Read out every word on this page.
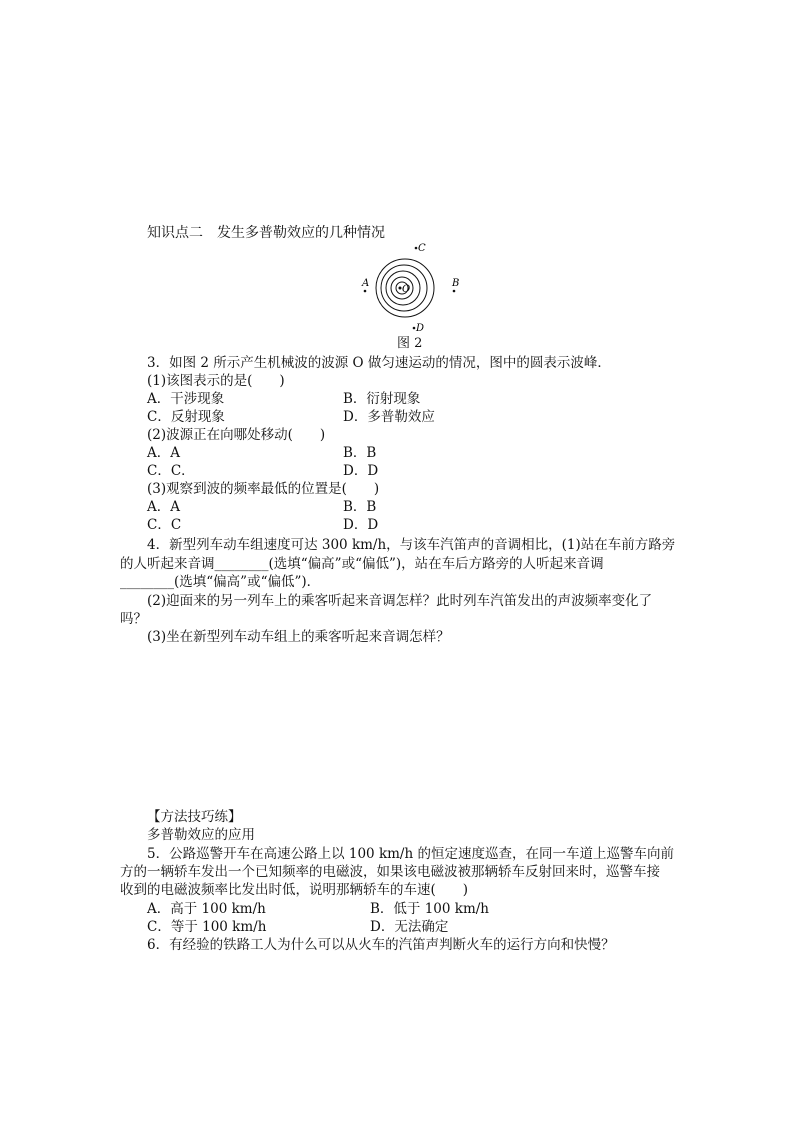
知识点二　发生多普勒效应的几种情况
O
C
A	B
D
图 2
3．如图 2 所示产生机械波的波源 O 做匀速运动的情况，图中的圆表示波峰．
(1)该图表示的是(　　)
A．干涉现象	B．衍射现象
C．反射现象	D．多普勒效应
(2)波源正在向哪处移动(　　)
A．A	B．B
C．C．	D．D
(3)观察到波的频率最低的位置是(　　)
A．A	B．B
C．C	D．D
4．新型列车动车组速度可达 300 km/h，与该车汽笛声的音调相比，(1)站在车前方路旁
的人听起来音调________(选填“偏高”或“偏低”)，站在车后方路旁的人听起来音调
________(选填“偏高”或“偏低”)．
(2)迎面来的另一列车上的乘客听起来音调怎样？此时列车汽笛发出的声波频率变化了
吗？
(3)坐在新型列车动车组上的乘客听起来音调怎样？
【方法技巧练】
多普勒效应的应用
5．公路巡警开车在高速公路上以 100 km/h 的恒定速度巡查，在同一车道上巡警车向前
方的一辆轿车发出一个已知频率的电磁波，如果该电磁波被那辆轿车反射回来时，巡警车接
收到的电磁波频率比发出时低，说明那辆轿车的车速(　　)
A．高于 100 km/h	B．低于 100 km/h
C．等于 100 km/h	D．无法确定
6．有经验的铁路工人为什么可以从火车的汽笛声判断火车的运行方向和快慢？
